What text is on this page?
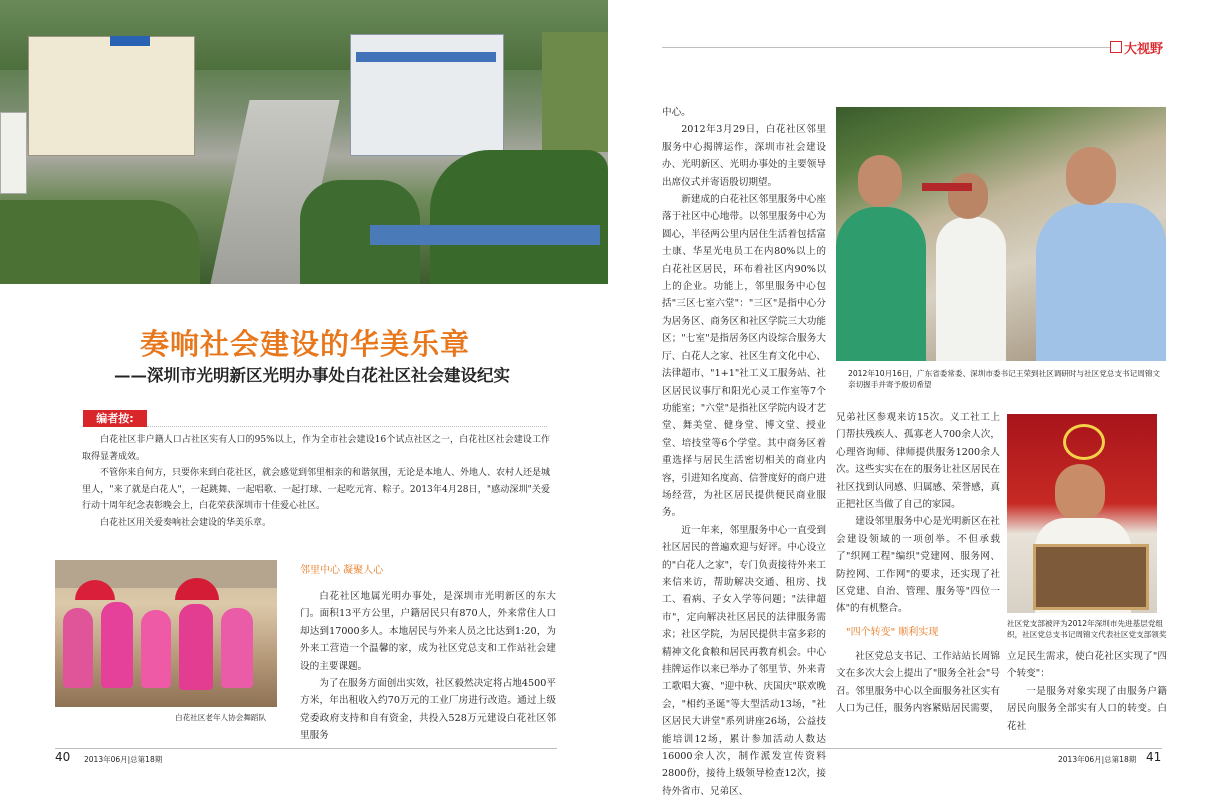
奏响社会建设的华美乐章
——深圳市光明新区光明办事处白花社区社会建设纪实
编者按:

白花社区非户籍人口占社区实有人口的95%以上，作为全市社会建设16个试点社区之一，白花社区社会建设工作取得显著成效。

不管你来自何方，只要你来到白花社区，就会感觉到邻里相亲的和谐氛围，无论是本地人、外地人、农村人还是城里人，"来了就是白花人"，一起跳舞、一起唱歌、一起打球、一起吃元宵、粽子。2013年4月28日，"感动深圳"关爱行动十周年纪念表彰晚会上，白花荣获深圳市十佳爱心社区。

白花社区用关爱奏响社会建设的华美乐章。

白花社区老年人协会舞蹈队
邻里中心 凝聚人心

白花社区地属光明办事处，是深圳市光明新区的东大门。面积13平方公里，户籍居民只有870人，外来常住人口却达到17000多人。本地居民与外来人员之比达到1:20，为外来工营造一个温馨的家，成为社区党总支和工作站社会建设的主要课题。

为了在服务方面创出实效，社区毅然决定将占地4500平方米，年出租收入约70万元的工业厂房进行改造。通过上级党委政府支持和自有资金，共投入528万元建设白花社区邻里服务

40 2013年06月|总第18期
大视野

中心。

2012年3月29日，白花社区邻里服务中心揭牌运作，深圳市社会建设办、光明新区、光明办事处的主要领导出席仪式并寄语殷切期望。

新建成的白花社区邻里服务中心座落于社区中心地带。以邻里服务中心为圆心，半径两公里内居住生活着包括富士康、华星光电员工在内80%以上的白花社区居民，环布着社区内90%以上的企业。功能上，邻里服务中心包括"三区七室六堂"："三区"是指中心分为居务区、商务区和社区学院三大功能区；"七室"是指居务区内设综合服务大厅、白花人之家、社区生育文化中心、法律超市、"1+1"社工义工服务站、社区居民议事厅和阳光心灵工作室等7个功能室；"六堂"是指社区学院内设才艺堂、舞美堂、健身堂、博文堂、授业堂、培技堂等6个学堂。其中商务区着重选择与居民生活密切相关的商业内容，引进知名度高、信誉度好的商户进场经营，为社区居民提供便民商业服务。

近一年来，邻里服务中心一直受到社区居民的普遍欢迎与好评。中心设立的"白花人之家"，专门负责接待外来工来信来访，帮助解决交通、租房、找工、看病、子女入学等问题；"法律超市"，定向解决社区居民的法律服务需求；社区学院，为居民提供丰富多彩的精神文化食粮和居民再教育机会。中心挂牌运作以来已举办了邻里节、外来青工歌唱大赛、"迎中秋、庆国庆"联欢晚会，"相约圣诞"等大型活动13场，"社区居民大讲堂"系列讲座26场，公益技能培训12场，累计参加活动人数达16000余人次，制作派发宣传资料2800份，接待上级领导检查12次，接待外省市、兄弟区、

2012年10月16日，广东省委常委、深圳市委书记王荣到社区调研时与社区党总支书记周锦文亲切握手并寄予殷切希望

兄弟社区参观来访15次。义工社工上门帮扶残疾人、孤寡老人700余人次，心理咨询师、律师提供服务1200余人次。这些实实在在的服务让社区居民在社区找到认同感、归属感、荣誉感，真正把社区当做了自己的家园。

建设邻里服务中心是光明新区在社会建设领域的一项创举。不但承载了"织网工程"编织"党建网、服务网、防控网、工作网"的要求，还实现了社区党建、自治、管理、服务等"四位一体"的有机整合。

"四个转变" 顺利实现

社区党总支书记、工作站站长周锦文在多次大会上提出了"服务全社会"号召。邻里服务中心以全面服务社区实有人口为己任，服务内容紧贴居民需要，

社区党支部被评为2012年深圳市先进基层党组织，社区党总支书记周锦文代表社区党支部领奖

立足民生需求，使白花社区实现了"四个转变"：

一是服务对象实现了由服务户籍居民向服务全部实有人口的转变。白花社

2013年06月|总第18期 41
